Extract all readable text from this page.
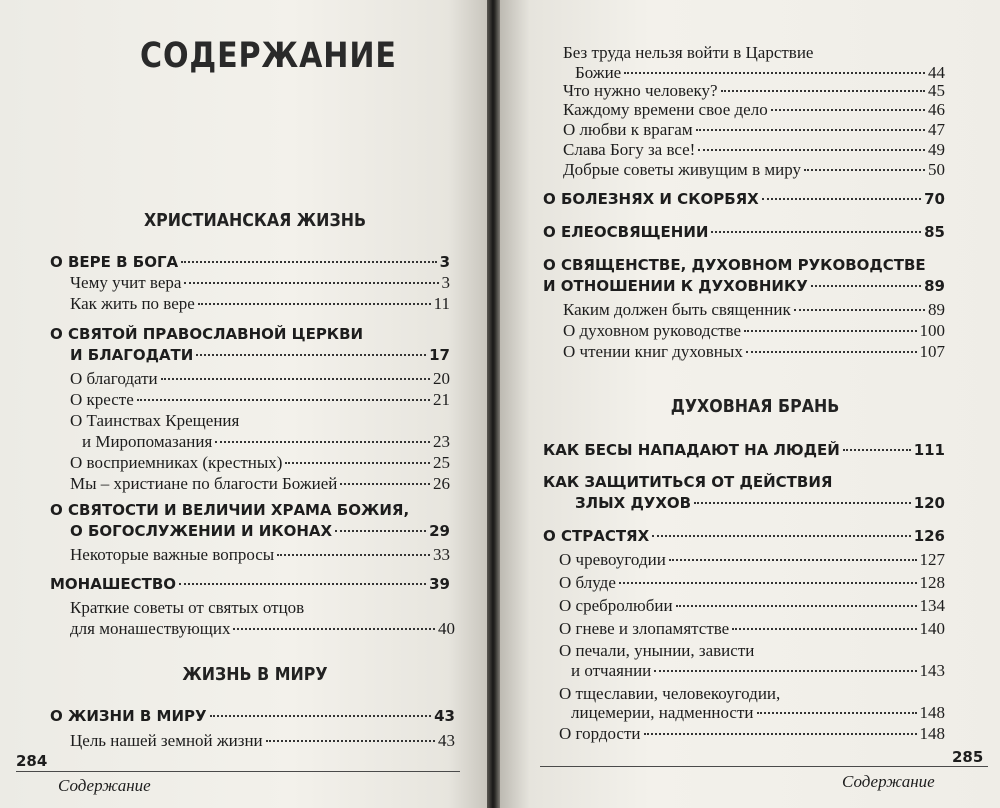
СОДЕРЖАНИЕ
ХРИСТИАНСКАЯ ЖИЗНЬ
О ВЕРЕ В БОГА	3
Чему учит вера	3
Как жить по вере	11
О СВЯТОЙ ПРАВОСЛАВНОЙ ЦЕРКВИ
И БЛАГОДАТИ	17
О благодати	20
О кресте	21
О Таинствах Крещения
и Миропомазания	23
О восприемниках (крестных)	25
Мы – христиане по благости Божией	26
О СВЯТОСТИ И ВЕЛИЧИИ ХРАМА БОЖИЯ,
О БОГОСЛУЖЕНИИ И ИКОНАХ	29
Некоторые важные вопросы	33
МОНАШЕСТВО	39
Краткие советы от святых отцов
для монашествующих	40
ЖИЗНЬ В МИРУ
О ЖИЗНИ В МИРУ	43
Цель нашей земной жизни	43
284
Содержание
Без труда нельзя войти в Царствие
Божие	44
Что нужно человеку?	45
Каждому времени свое дело	46
О любви к врагам	47
Слава Богу за все!	49
Добрые советы живущим в миру	50
О БОЛЕЗНЯХ И СКОРБЯХ	70
О ЕЛЕОСВЯЩЕНИИ	85
О СВЯЩЕНСТВЕ, ДУХОВНОМ РУКОВОДСТВЕ
И ОТНОШЕНИИ К ДУХОВНИКУ	89
Каким должен быть священник	89
О духовном руководстве	100
О чтении книг духовных	107
ДУХОВНАЯ БРАНЬ
КАК БЕСЫ НАПАДАЮТ НА ЛЮДЕЙ	111
КАК ЗАЩИТИТЬСЯ ОТ ДЕЙСТВИЯ
ЗЛЫХ ДУХОВ	120
О СТРАСТЯХ	126
О чревоугодии	127
О блуде	128
О сребролюбии	134
О гневе и злопамятстве	140
О печали, унынии, зависти
и отчаянии	143
О тщеславии, человекоугодии,
лицемерии, надменности	148
О гордости	148
285
Содержание
